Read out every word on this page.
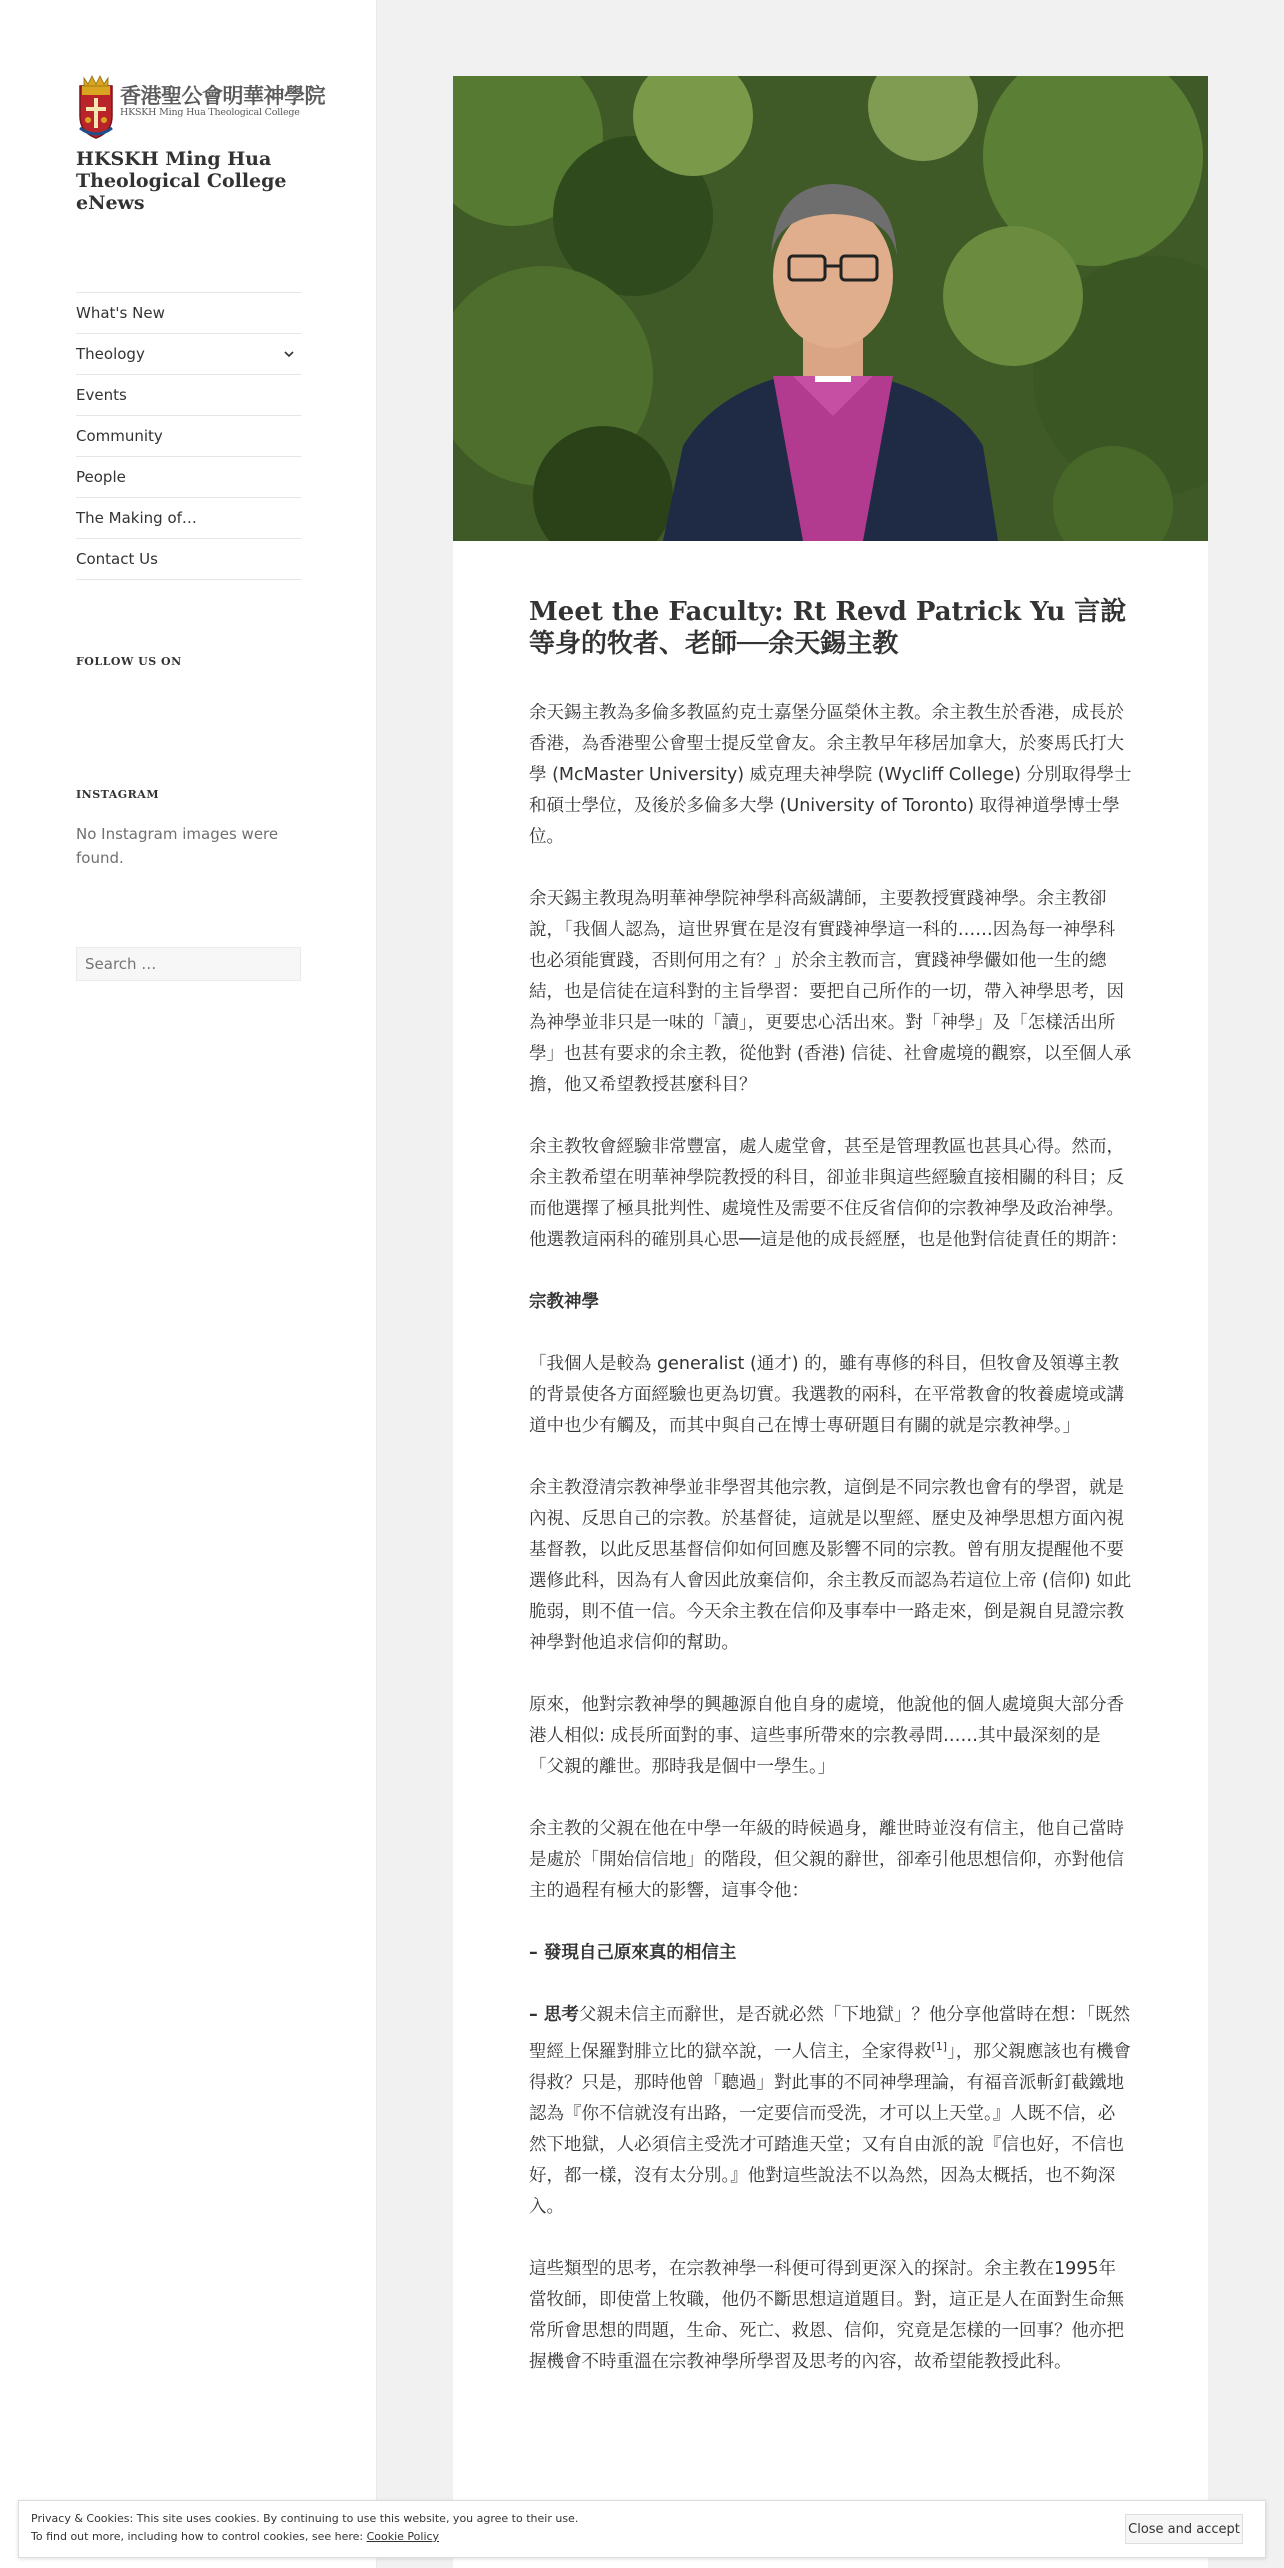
香港聖公會明華神學院
HKSKH Ming Hua Theological College
HKSKH Ming Hua
Theological College
eNews
What's New
Theology
Events
Community
People
The Making of…
Contact Us
FOLLOW US ON
INSTAGRAM
No Instagram images were found.
Search …
Meet the Faculty: Rt Revd Patrick Yu 言說等身的牧者、老師──余天錫主教

余天錫主教為多倫多教區約克士嘉堡分區榮休主教。余主教生於香港，成長於香港，為香港聖公會聖士提反堂會友。余主教早年移居加拿大，於麥馬氏打大學 (McMaster University) 威克理夫神學院 (Wycliff College) 分別取得學士和碩士學位，及後於多倫多大學 (University of Toronto) 取得神道學博士學位。

余天錫主教現為明華神學院神學科高級講師，主要教授實踐神學。余主教卻說，「我個人認為，這世界實在是沒有實踐神學這一科的……因為每一神學科也必須能實踐，否則何用之有？」於余主教而言，實踐神學儼如他一生的總結，也是信徒在這科對的主旨學習：要把自己所作的一切，帶入神學思考，因為神學並非只是一味的「讀」，更要忠心活出來。對「神學」及「怎樣活出所學」也甚有要求的余主教，從他對 (香港) 信徒、社會處境的觀察，以至個人承擔，他又希望教授甚麼科目？

余主教牧會經驗非常豐富，處人處堂會，甚至是管理教區也甚具心得。然而，余主教希望在明華神學院教授的科目，卻並非與這些經驗直接相關的科目；反而他選擇了極具批判性、處境性及需要不住反省信仰的宗教神學及政治神學。他選教這兩科的確別具心思──這是他的成長經歷，也是他對信徒責任的期許：

宗教神學

「我個人是較為 generalist (通才) 的，雖有專修的科目，但牧會及領導主教的背景使各方面經驗也更為切實。我選教的兩科，在平常教會的牧養處境或講道中也少有觸及，而其中與自己在博士專研題目有關的就是宗教神學。」

余主教澄清宗教神學並非學習其他宗教，這倒是不同宗教也會有的學習，就是內視、反思自己的宗教。於基督徒，這就是以聖經、歷史及神學思想方面內視基督教，以此反思基督信仰如何回應及影響不同的宗教。曾有朋友提醒他不要選修此科，因為有人會因此放棄信仰，余主教反而認為若這位上帝 (信仰) 如此脆弱，則不值一信。今天余主教在信仰及事奉中一路走來，倒是親自見證宗教神學對他追求信仰的幫助。

原來，他對宗教神學的興趣源自他自身的處境，他說他的個人處境與大部分香港人相似: 成長所面對的事、這些事所帶來的宗教尋問……其中最深刻的是「父親的離世。那時我是個中一學生。」

余主教的父親在他在中學一年級的時候過身，離世時並沒有信主，他自己當時是處於「開始信信地」的階段，但父親的辭世，卻牽引他思想信仰，亦對他信主的過程有極大的影響，這事令他：

– 發現自己原來真的相信主

– 思考父親未信主而辭世，是否就必然「下地獄」？他分享他當時在想：「既然聖經上保羅對腓立比的獄卒說，一人信主，全家得救[1]」，那父親應該也有機會得救？只是，那時他曾「聽過」對此事的不同神學理論，有福音派斬釘截鐵地認為『你不信就沒有出路，一定要信而受洗，才可以上天堂。』人既不信，必然下地獄，人必須信主受洗才可踏進天堂；又有自由派的說『信也好，不信也好，都一樣，沒有太分別。』他對這些說法不以為然，因為太概括，也不夠深入。

這些類型的思考，在宗教神學一科便可得到更深入的探討。余主教在1995年當牧師，即使當上牧職，他仍不斷思想這道題目。對，這正是人在面對生命無常所會思想的問題，生命、死亡、救恩、信仰，究竟是怎樣的一回事？他亦把握機會不時重溫在宗教神學所學習及思考的內容，故希望能教授此科。

Privacy & Cookies: This site uses cookies. By continuing to use this website, you agree to their use.
To find out more, including how to control cookies, see here: Cookie Policy	Close and accept
